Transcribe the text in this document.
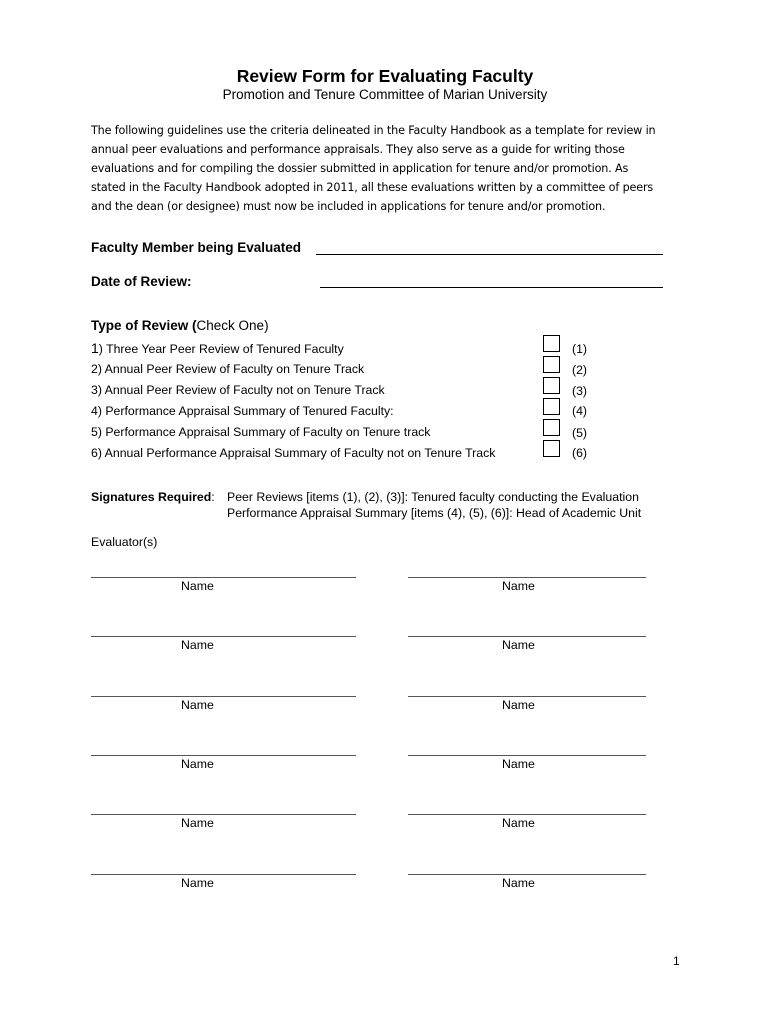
Review Form for Evaluating Faculty
Promotion and Tenure Committee of Marian University
The following guidelines use the criteria delineated in the Faculty Handbook as a template for review in
annual peer evaluations and performance appraisals. They also serve as a guide for writing those
evaluations and for compiling the dossier submitted in application for tenure and/or promotion. As
stated in the Faculty Handbook adopted in 2011, all these evaluations written by a committee of peers
and the dean (or designee) must now be included in applications for tenure and/or promotion.
Faculty Member being Evaluated
Date of Review:
Type of Review (Check One)
1) Three Year Peer Review of Tenured Faculty	(1)
2) Annual Peer Review of Faculty on Tenure Track	(2)
3) Annual Peer Review of Faculty not on Tenure Track	(3)
4) Performance Appraisal Summary of Tenured Faculty:	(4)
5) Performance Appraisal Summary of Faculty on Tenure track	(5)
6) Annual Performance Appraisal Summary of Faculty not on Tenure Track	(6)
Signatures Required: Peer Reviews [items (1), (2), (3)]: Tenured faculty conducting the Evaluation
Performance Appraisal Summary [items (4), (5), (6)]: Head of Academic Unit
Evaluator(s)
Name	Name
Name	Name
Name	Name
Name	Name
Name	Name
Name	Name
1
